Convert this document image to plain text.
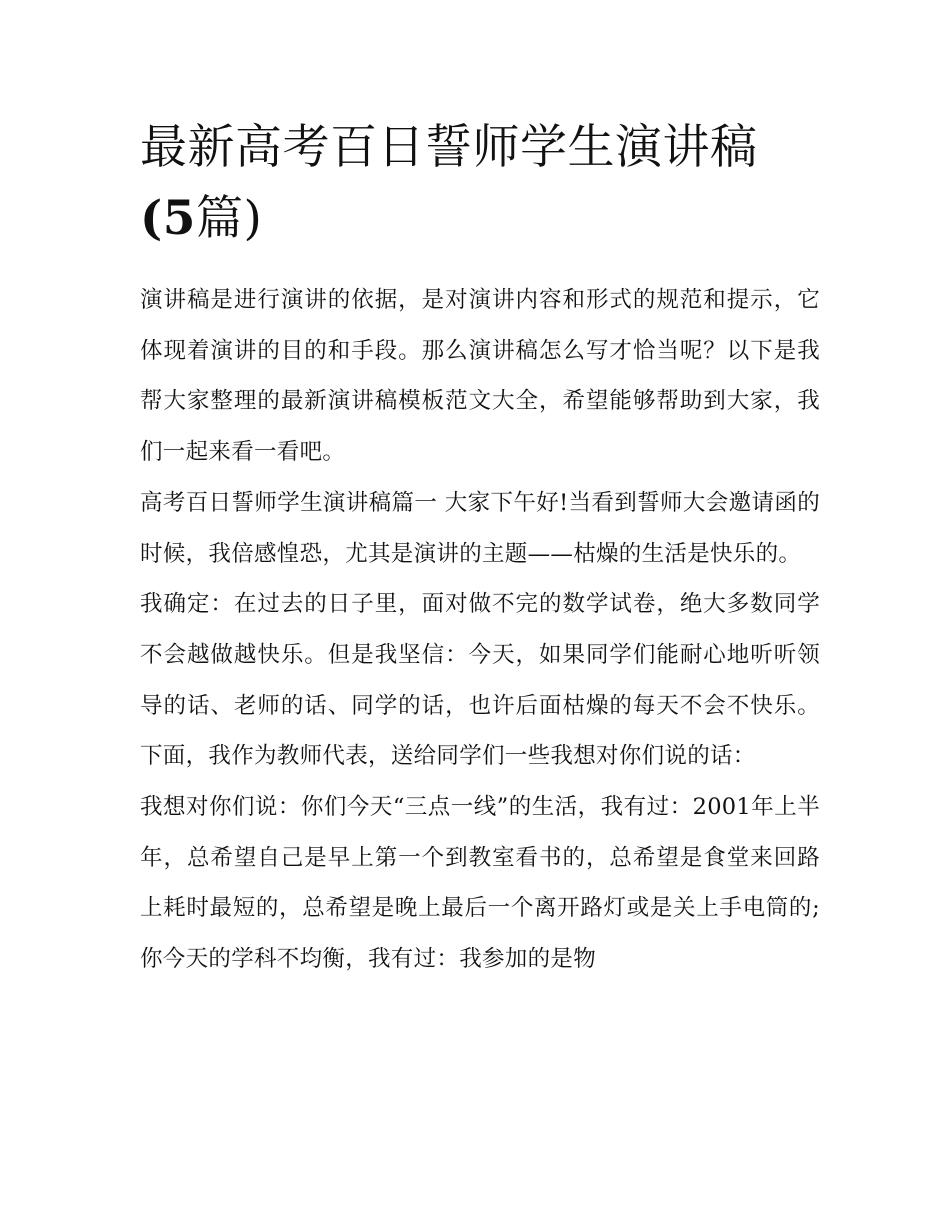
最新高考百日誓师学生演讲稿
(5篇)

演讲稿是进行演讲的依据，是对演讲内容和形式的规范和提示，它体现着演讲的目的和手段。那么演讲稿怎么写才恰当呢？以下是我帮大家整理的最新演讲稿模板范文大全，希望能够帮助到大家，我们一起来看一看吧。

高考百日誓师学生演讲稿篇一 大家下午好!当看到誓师大会邀请函的时候，我倍感惶恐，尤其是演讲的主题——枯燥的生活是快乐的。

我确定：在过去的日子里，面对做不完的数学试卷，绝大多数同学不会越做越快乐。但是我坚信：今天，如果同学们能耐心地听听领导的话、老师的话、同学的话，也许后面枯燥的每天不会不快乐。下面，我作为教师代表，送给同学们一些我想对你们说的话：

我想对你们说：你们今天“三点一线”的生活，我有过：2001年上半年，总希望自己是早上第一个到教室看书的，总希望是食堂来回路上耗时最短的，总希望是晚上最后一个离开路灯或是关上手电筒的;你今天的学科不均衡，我有过：我参加的是物
